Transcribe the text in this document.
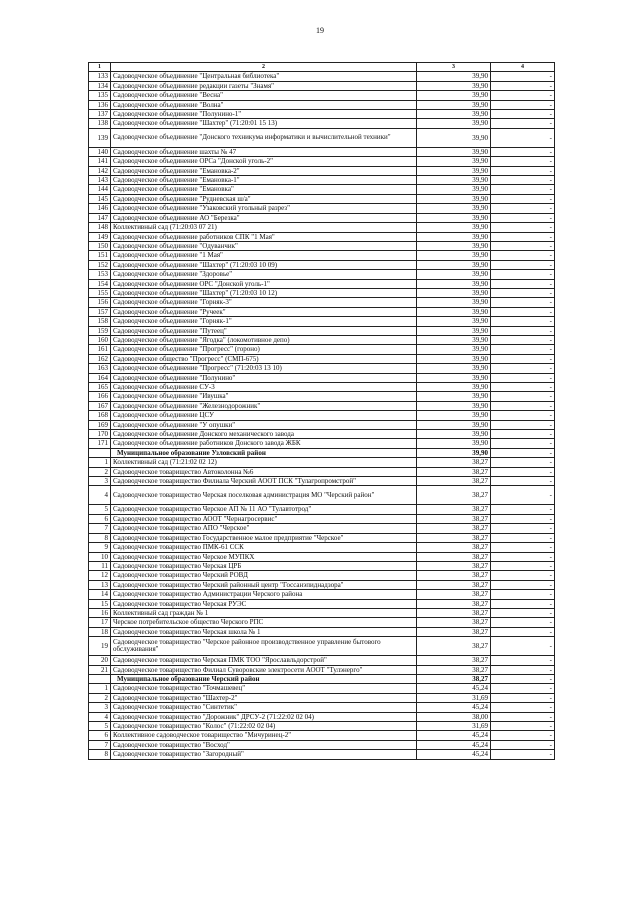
19
1	2	3	4
133	Садоводческое объединение "Центральная библиотека"	39,90	-
134	Садоводческое объединение редакции газеты "Знамя"	39,90	-
135	Садоводческое объединение "Весна"	39,90	-
136	Садоводческое объединение "Волна"	39,90	-
137	Садоводческое объединение "Полунино-1"	39,90	-
138	Садоводческое объединение "Шахтер" (71:20:01 15 13)	39,90	-
139	Садоводческое объединение "Донского техникума информатики и вычислительной техники"	39,90	-
140	Садоводческое объединение шахты № 47	39,90	-
141	Садоводческое объединение ОРСа "Донской уголь-2"	39,90	-
142	Садоводческое объединение "Емановка-2"	39,90	-
143	Садоводческое объединение "Емановка-1"	39,90	-
144	Садоводческое объединение "Емановка"	39,90	-
145	Садоводческое объединение "Рудневская ш/а"	39,90	-
146	Садоводческое объединение "Узаковский угольный разрез"	39,90	-
147	Садоводческое объединение АО "Березка"	39,90	-
148	Коллективный сад (71:20:03 07 21)	39,90	-
149	Садоводческое объединение работников СПК "1 Мая"	39,90	-
150	Садоводческое объединение "Одуванчик"	39,90	-
151	Садоводческое объединение "1 Мая"	39,90	-
152	Садоводческое объединение "Шахтер" (71:20:03 10 09)	39,90	-
153	Садоводческое объединение "Здоровье"	39,90	-
154	Садоводческое объединение ОРС "Донской уголь-1"	39,90	-
155	Садоводческое объединение "Шахтер" (71:20:03 10 12)	39,90	-
156	Садоводческое объединение "Горняк-3"	39,90	-
157	Садоводческое объединение "Ручеек"	39,90	-
158	Садоводческое объединение "Горняк-1"	39,90	-
159	Садоводческое объединение "Путеец"	39,90	-
160	Садоводческое объединение "Ягодка" (локомотивное депо)	39,90	-
161	Садоводческое объединение "Прогресс" (гороно)	39,90	-
162	Садоводческое общество "Прогресс" (СМП-675)	39,90	-
163	Садоводческое объединение "Прогресс" (71:20:03 13 10)	39,90	-
164	Садоводческое объединение "Полунино"	39,90	-
165	Садоводческое объединение СУ-3	39,90	-
166	Садоводческое объединение "Ивушка"	39,90	-
167	Садоводческое объединение "Железнодорожник"	39,90	-
168	Садоводческое объединение ЦСУ	39,90	-
169	Садоводческое объединение "У опушки"	39,90	-
170	Садоводческое объединение Донского механического завода	39,90	-
171	Садоводческое объединение работников Донского завода ЖБК	39,90	-
	Муниципальное образование Узловский район	39,90	-
1	Коллективный сад (71:21:02 02 12)	38,27	-
2	Садоводческое товарищество Автоколонна №6	38,27	-
3	Садоводческое товарищество Филиала Черский АООТ ПСК "Тулагропромстрой"	38,27	-
4	Садоводческое товарищество Черская поселковая администрация МО "Черский район"	38,27	-
5	Садоводческое товарищество Черское АП № 11 АО "Тулавтотрод"	38,27	-
6	Садоводческое товарищество АООТ "Чернагросервис"	38,27	-
7	Садоводческое товарищество АПО "Черское"	38,27	-
8	Садоводческое товарищество Государственное малое предприятие "Черское"	38,27	-
9	Садоводческое товарищество ПМК-61 ССК	38,27	-
10	Садоводческое товарищество Черское МУПКХ	38,27	-
11	Садоводческое товарищество Черская ЦРБ	38,27	-
12	Садоводческое товарищество Черский РОВД	38,27	-
13	Садоводческое товарищество Черский районный центр "Госсанэпиднадзора"	38,27	-
14	Садоводческое товарищество Администрации Черского района	38,27	-
15	Садоводческое товарищество Черская РУЭС	38,27	-
16	Коллективный сад граждан № 1	38,27	-
17	Черское потребительское общество Черского РПС	38,27	-
18	Садоводческое товарищество Черская школа № 1	38,27	-
19	Садоводческое товарищество "Черское районное производственное управление бытового обслуживания"	38,27	-
20	Садоводческое товарищество Черская ПМК ТОО "Ярославльдорстрой"	38,27	-
21	Садоводческое товарищество Филиал Суворовские электросети АООТ "Тулэнерго"	38,27	-
	Муниципальное образование Черский район	38,27	-
1	Садоводческое товарищество "Точмашевец"	45,24	-
2	Садоводческое товарищество "Шахтер-2"	31,69	-
3	Садоводческое товарищество "Синтетик"	45,24	-
4	Садоводческое товарищество "Дорожник" ДРСУ-2 (71:22:02 02 04)	38,00	-
5	Садоводческое товарищество "Колос" (71:22:02 02 04)	31,69	-
6	Коллективное садоводческое товарищество "Мичуринец-2"	45,24	-
7	Садоводческое товарищество "Восход"	45,24	-
8	Садоводческое товарищество "Загородный"	45,24	-
